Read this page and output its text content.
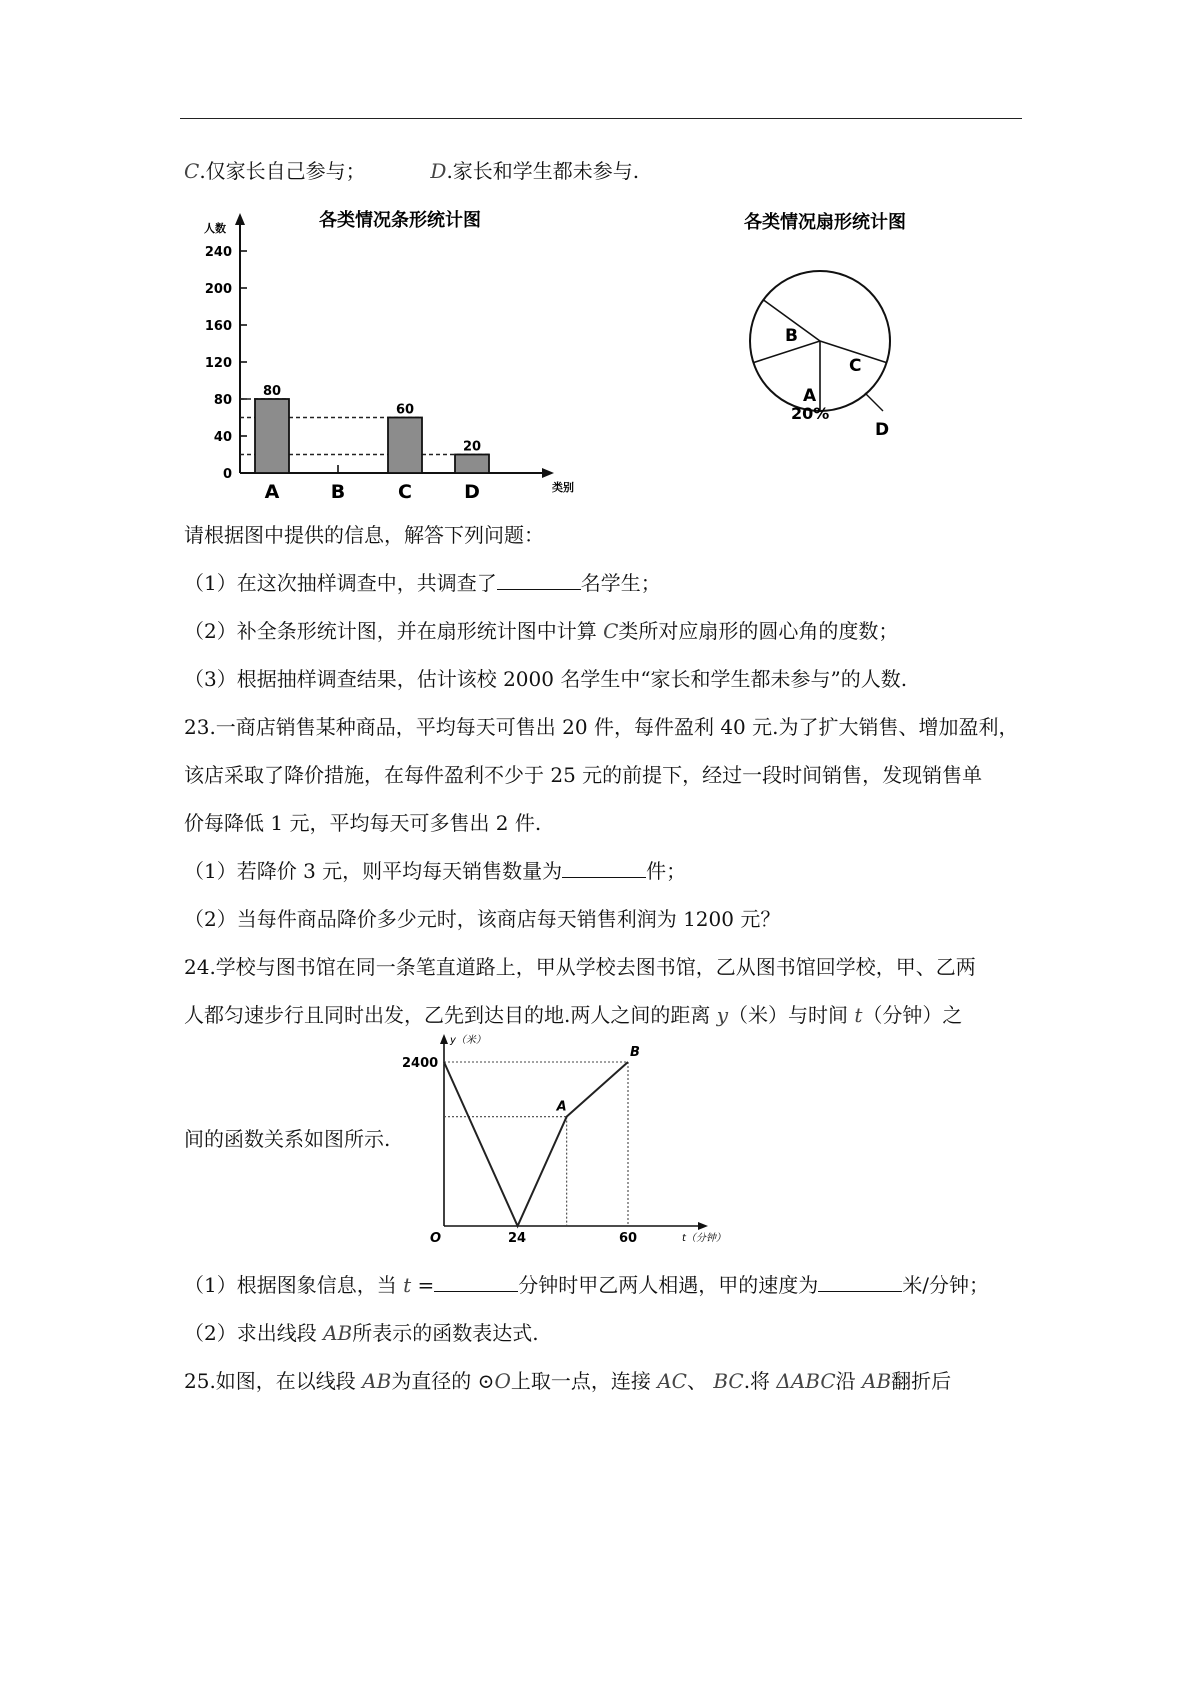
C.仅家长自己参与；	D.家长和学生都未参与.
各类情况条形统计图
人数
0
40
80
120
160
200
240
80
60
20
A	B	C	D	类别
各类情况扇形统计图
B
C
A
20%
D
请根据图中提供的信息，解答下列问题：
（1）在这次抽样调查中，共调查了	名学生；
（2）补全条形统计图，并在扇形统计图中计算 C类所对应扇形的圆心角的度数；
（3）根据抽样调查结果，估计该校 2000 名学生中“家长和学生都未参与”的人数.
23.一商店销售某种商品，平均每天可售出 20 件，每件盈利 40 元.为了扩大销售、增加盈利，
该店采取了降价措施，在每件盈利不少于 25 元的前提下，经过一段时间销售，发现销售单
价每降低 1 元，平均每天可多售出 2 件.
（1）若降价 3 元，则平均每天销售数量为	件；
（2）当每件商品降价多少元时，该商店每天销售利润为 1200 元？
24.学校与图书馆在同一条笔直道路上，甲从学校去图书馆，乙从图书馆回学校，甲、乙两
人都匀速步行且同时出发，乙先到达目的地.两人之间的距离 y（米）与时间 t（分钟）之
间的函数关系如图所示.
y（米）
t（分钟）
O
2400
24	60
A
B
（1）根据图象信息，当 t =	分钟时甲乙两人相遇，甲的速度为	米/分钟；
（2）求出线段 AB所表示的函数表达式.
25.如图，在以线段 AB为直径的 ⊙O上取一点，连接 AC、 BC.将 ΔABC沿 AB翻折后
